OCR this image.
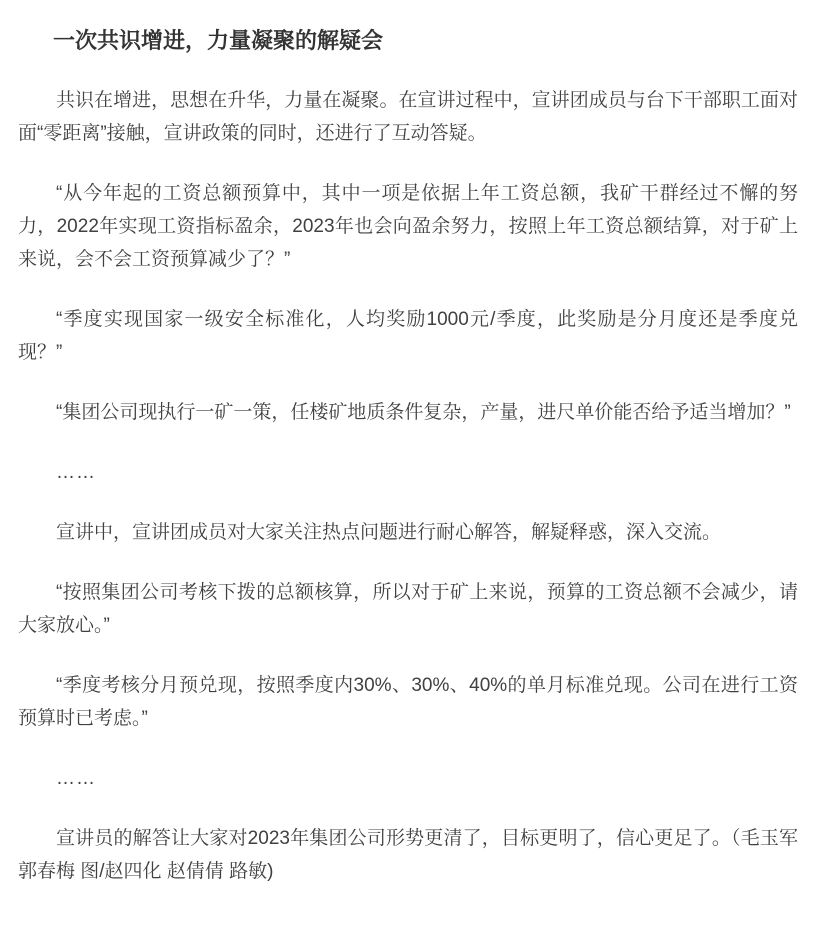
一次共识增进，力量凝聚的解疑会

共识在增进，思想在升华，力量在凝聚。在宣讲过程中，宣讲团成员与台下干部职工面对面“零距离”接触，宣讲政策的同时，还进行了互动答疑。

“从今年起的工资总额预算中，其中一项是依据上年工资总额，我矿干群经过不懈的努力，2022年实现工资指标盈余，2023年也会向盈余努力，按照上年工资总额结算，对于矿上来说，会不会工资预算减少了？”

“季度实现国家一级安全标准化，人均奖励1000元/季度，此奖励是分月度还是季度兑现？”

“集团公司现执行一矿一策，任楼矿地质条件复杂，产量，进尺单价能否给予适当增加？”

……

宣讲中，宣讲团成员对大家关注热点问题进行耐心解答，解疑释惑，深入交流。

“按照集团公司考核下拨的总额核算，所以对于矿上来说，预算的工资总额不会减少，请大家放心。”

“季度考核分月预兑现，按照季度内30%、30%、40%的单月标准兑现。公司在进行工资预算时已考虑。”

……

宣讲员的解答让大家对2023年集团公司形势更清了，目标更明了，信心更足了。（毛玉军 郭春梅 图/赵四化 赵倩倩 路敏)
